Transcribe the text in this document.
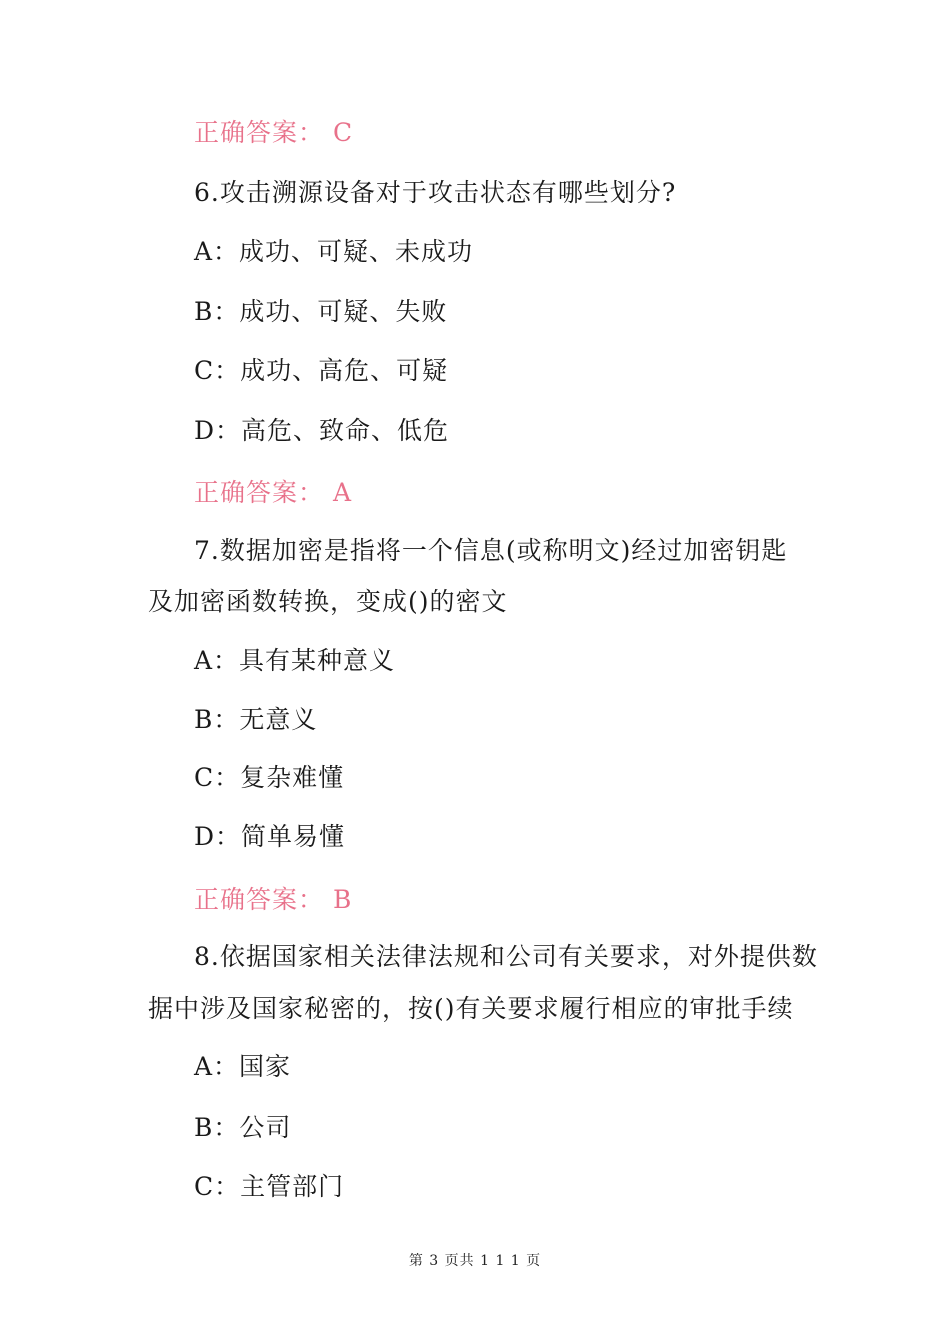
正确答案： C
6.攻击溯源设备对于攻击状态有哪些划分?
A：成功、可疑、未成功
B：成功、可疑、失败
C：成功、高危、可疑
D：高危、致命、低危
正确答案： A
7.数据加密是指将一个信息(或称明文)经过加密钥匙
及加密函数转换，变成()的密文
A：具有某种意义
B：无意义
C：复杂难懂
D：简单易懂
正确答案： B
8.依据国家相关法律法规和公司有关要求，对外提供数
据中涉及国家秘密的，按()有关要求履行相应的审批手续
A：国家
B：公司
C：主管部门
第 3 页共 1 1 1 页
